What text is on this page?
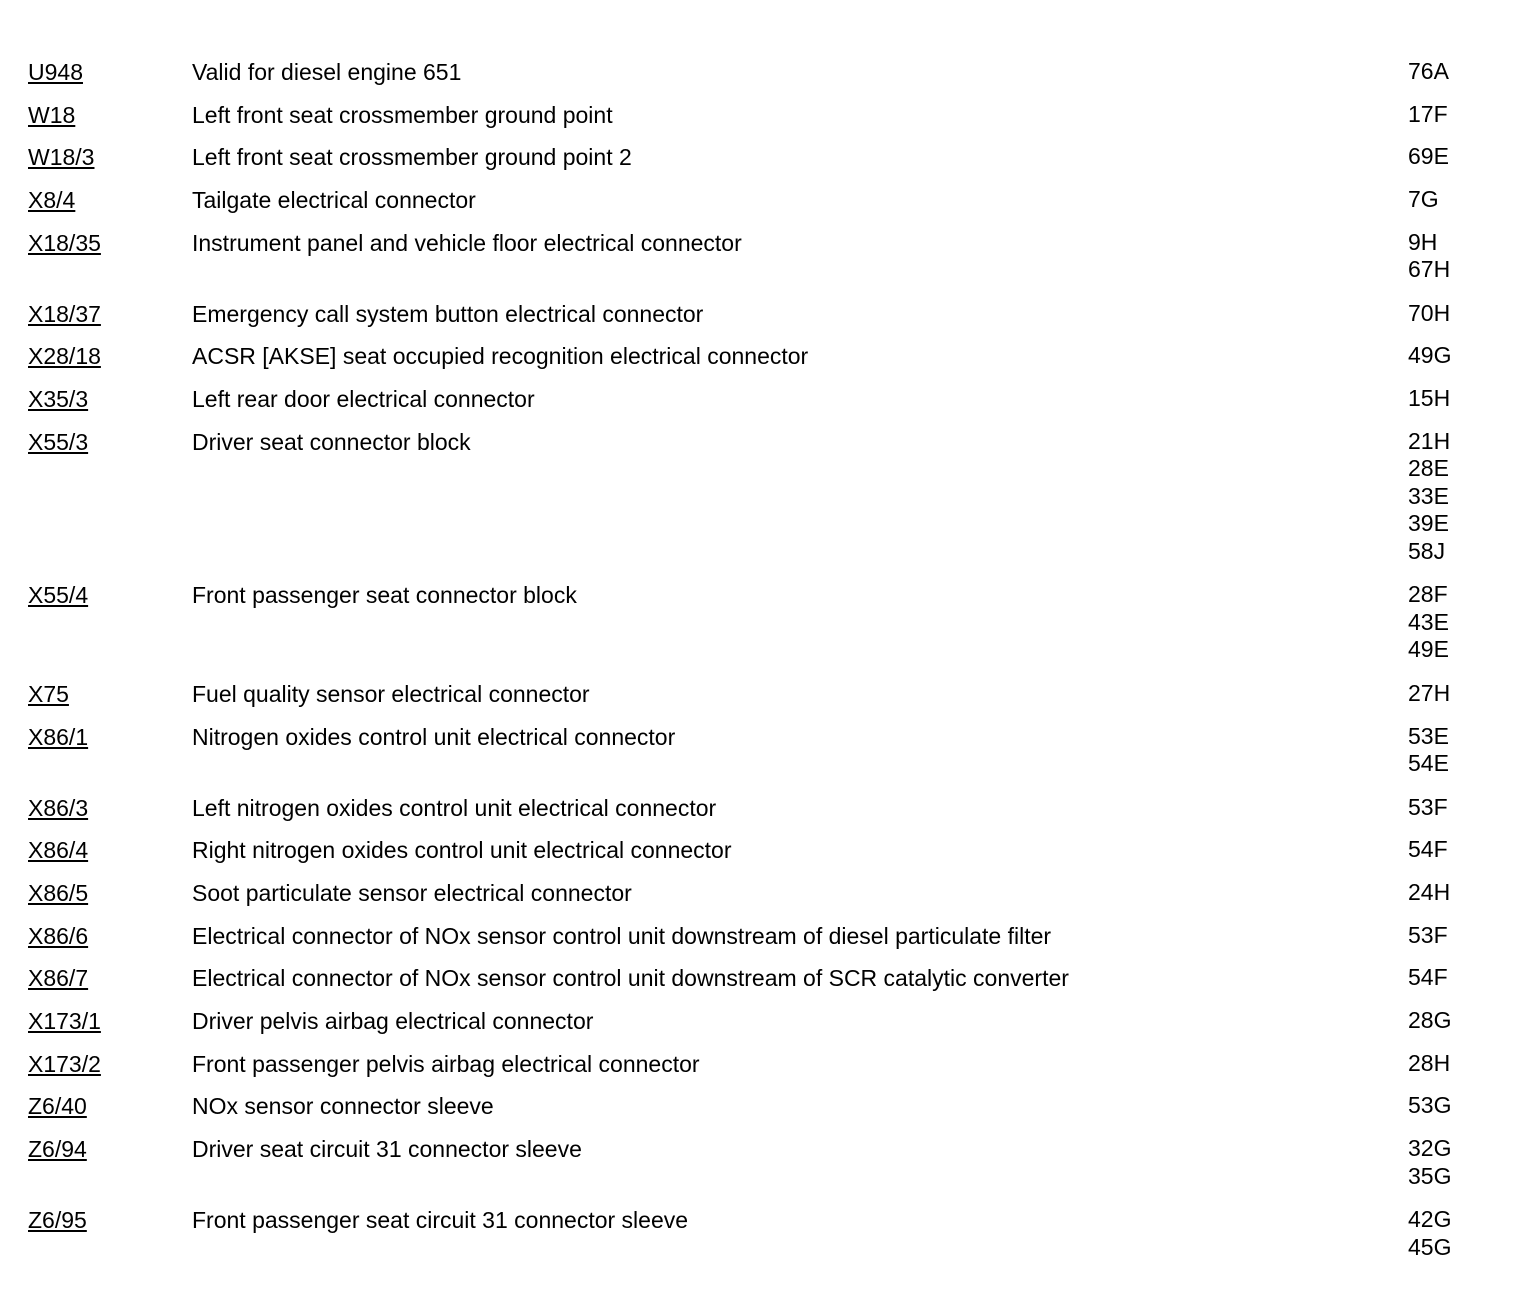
U948	Valid for diesel engine 651	76A
W18	Left front seat crossmember ground point	17F
W18/3	Left front seat crossmember ground point 2	69E
X8/4	Tailgate electrical connector	7G
X18/35	Instrument panel and vehicle floor electrical connector	9H
67H
X18/37	Emergency call system button electrical connector	70H
X28/18	ACSR [AKSE] seat occupied recognition electrical connector	49G
X35/3	Left rear door electrical connector	15H
X55/3	Driver seat connector block	21H
28E
33E
39E
58J
X55/4	Front passenger seat connector block	28F
43E
49E
X75	Fuel quality sensor electrical connector	27H
X86/1	Nitrogen oxides control unit electrical connector	53E
54E
X86/3	Left nitrogen oxides control unit electrical connector	53F
X86/4	Right nitrogen oxides control unit electrical connector	54F
X86/5	Soot particulate sensor electrical connector	24H
X86/6	Electrical connector of NOx sensor control unit downstream of diesel particulate filter	53F
X86/7	Electrical connector of NOx sensor control unit downstream of SCR catalytic converter	54F
X173/1	Driver pelvis airbag electrical connector	28G
X173/2	Front passenger pelvis airbag electrical connector	28H
Z6/40	NOx sensor connector sleeve	53G
Z6/94	Driver seat circuit 31 connector sleeve	32G
35G
Z6/95	Front passenger seat circuit 31 connector sleeve	42G
45G
